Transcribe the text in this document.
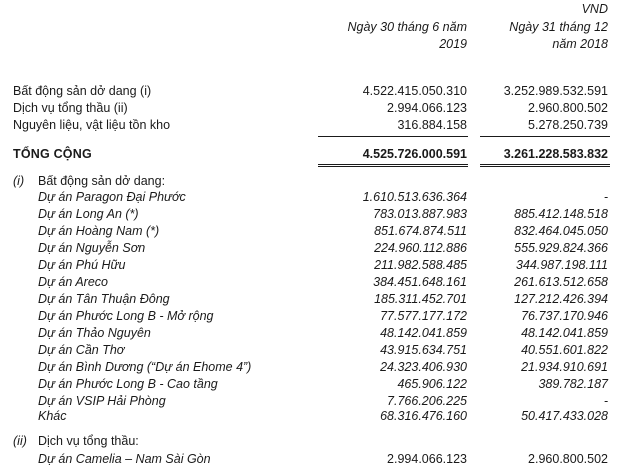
VND
Ngày 30 tháng 6 năm
2019
Ngày 31 tháng 12
năm 2018
Bất động sản dở dang (i)	4.522.415.050.310	3.252.989.532.591
Dịch vụ tổng thầu (ii)	2.994.066.123	2.960.800.502
Nguyên liệu, vật liệu tồn kho	316.884.158	5.278.250.739
TỔNG CỘNG	4.525.726.000.591	3.261.228.583.832
(i) Bất động sản dở dang:
Dự án Paragon Đại Phước	1.610.513.636.364	-
Dự án Long An (*)	783.013.887.983	885.412.148.518
Dự án Hoàng Nam (*)	851.674.874.511	832.464.045.050
Dự án Nguyễn Sơn	224.960.112.886	555.929.824.366
Dự án Phú Hữu	211.982.588.485	344.987.198.111
Dự án Areco	384.451.648.161	261.613.512.658
Dự án Tân Thuận Đông	185.311.452.701	127.212.426.394
Dự án Phước Long B - Mở rộng	77.577.177.172	76.737.170.946
Dự án Thảo Nguyên	48.142.041.859	48.142.041.859
Dự án Cần Thơ	43.915.634.751	40.551.601.822
Dự án Bình Dương (“Dự án Ehome 4”)	24.323.406.930	21.934.910.691
Dự án Phước Long B - Cao tầng	465.906.122	389.782.187
Dự án VSIP Hải Phòng	7.766.206.225	-
Khác	68.316.476.160	50.417.433.028
(ii) Dịch vụ tổng thầu:
Dự án Camelia – Nam Sài Gòn	2.994.066.123	2.960.800.502
